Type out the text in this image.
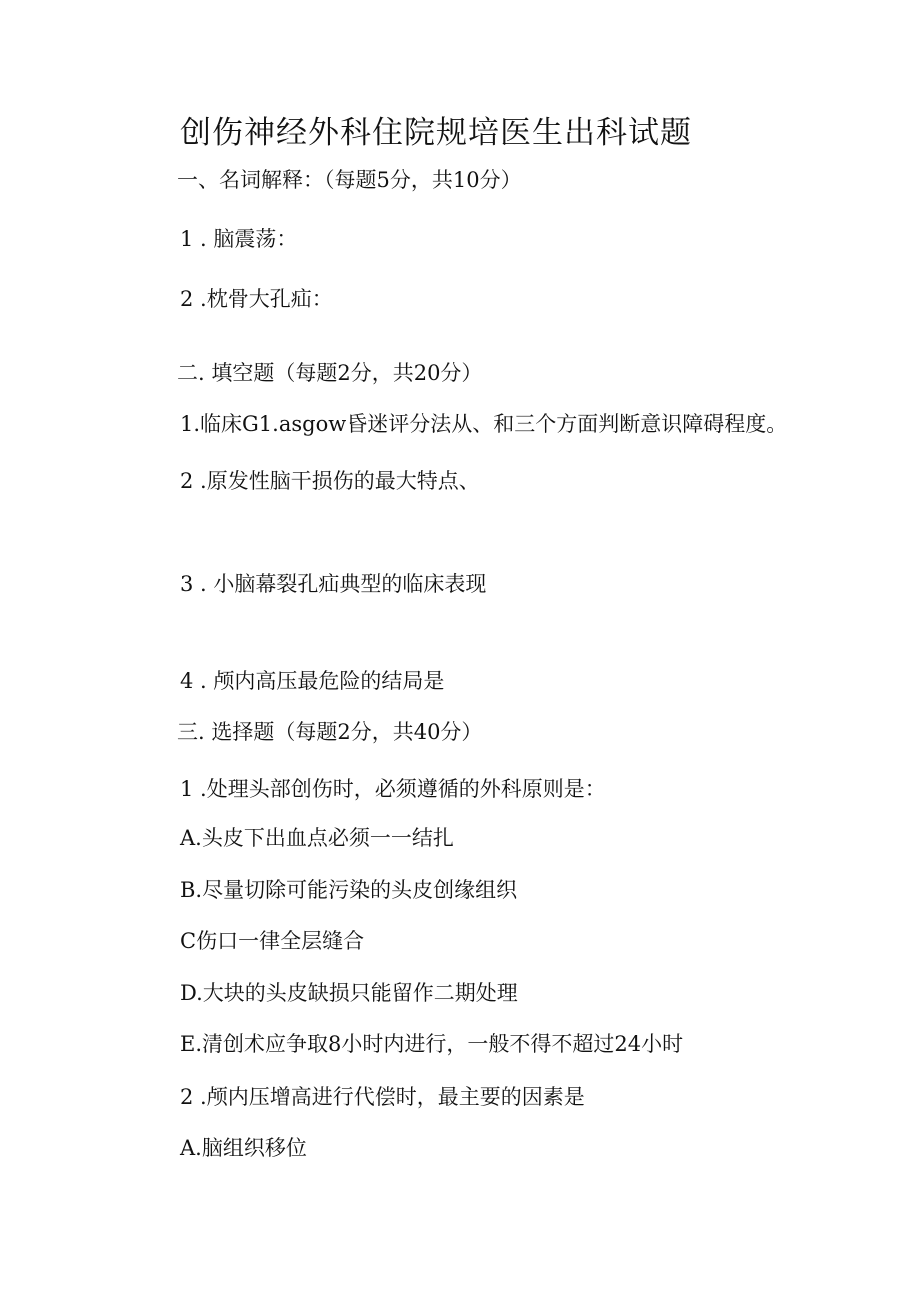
创伤神经外科住院规培医生出科试题
一、名词解释：（每题5分，共10分）
1 . 脑震荡：
2 .枕骨大孔疝：
二. 填空题（每题2分，共20分）
1.临床G1.asgow昏迷评分法从、和三个方面判断意识障碍程度。
2 .原发性脑干损伤的最大特点、
3 . 小脑幕裂孔疝典型的临床表现
4 . 颅内高压最危险的结局是
三. 选择题（每题2分，共40分）
1 .处理头部创伤时，必须遵循的外科原则是：
A.头皮下出血点必须一一结扎
B.尽量切除可能污染的头皮创缘组织
C伤口一律全层缝合
D.大块的头皮缺损只能留作二期处理
E.清创术应争取8小时内进行，一般不得不超过24小时
2 .颅内压增高进行代偿时，最主要的因素是
A.脑组织移位
